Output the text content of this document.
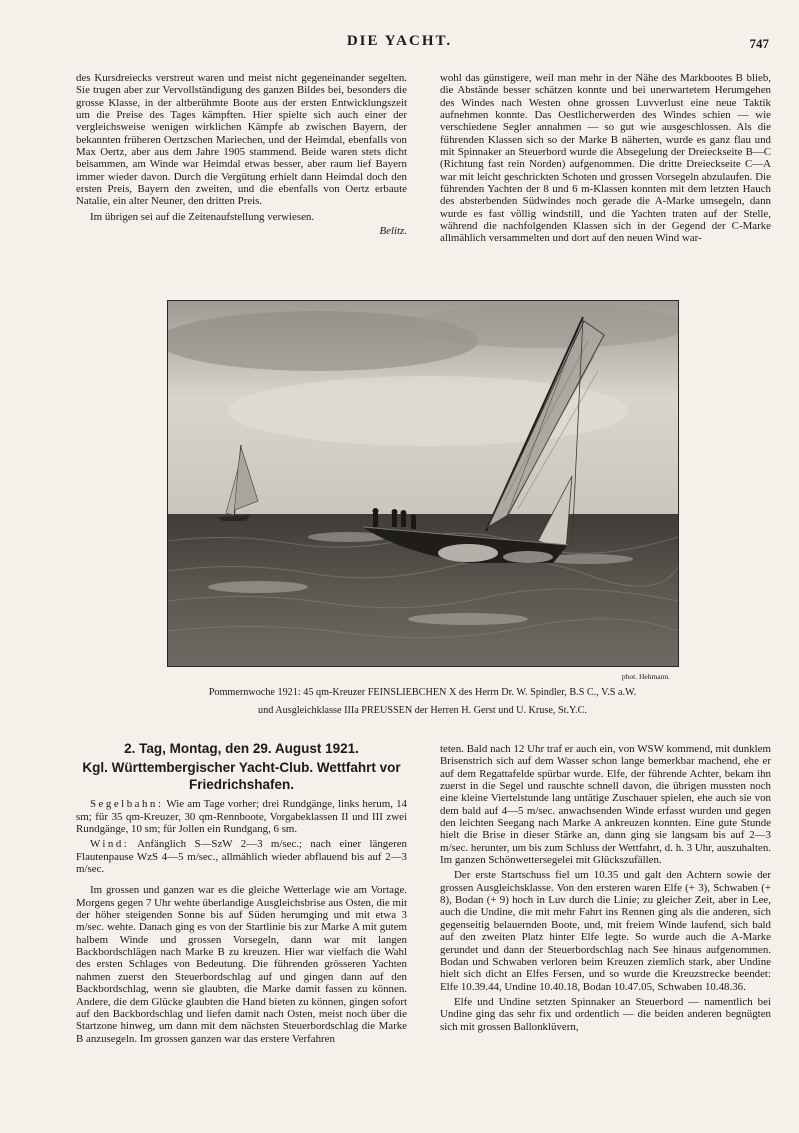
DIE YACHT.	747

des Kursdreiecks verstreut waren und meist nicht gegeneinander segelten. Sie trugen aber zur Vervollständigung des ganzen Bildes bei, besonders die grosse Klasse, in der altberühmte Boote aus der ersten Entwicklungszeit um die Preise des Tages kämpften. Hier spielte sich auch einer der vergleichsweise wenigen wirklichen Kämpfe ab zwischen Bayern, der bekannten früheren Oertzschen Mariechen, und der Heimdal, ebenfalls von Max Oertz, aber aus dem Jahre 1905 stammend. Beide waren stets dicht beisammen, am Winde war Heimdal etwas besser, aber raum lief Bayern immer wieder davon. Durch die Vergütung erhielt dann Heimdal doch den ersten Preis, Bayern den zweiten, und die ebenfalls von Oertz erbaute Natalie, ein alter Neuner, den dritten Preis.

Im übrigen sei auf die Zeitenaufstellung verwiesen.

Belitz.

wohl das günstigere, weil man mehr in der Nähe des Markbootes B blieb, die Abstände besser schätzen konnte und bei unerwartetem Herumgehen des Windes nach Westen ohne grossen Luvverlust eine neue Taktik aufnehmen konnte. Das Oestlicherwerden des Windes schien — wie verschiedene Segler annahmen — so gut wie ausgeschlossen. Als die führenden Klassen sich so der Marke B näherten, wurde es ganz flau und mit Spinnaker an Steuerbord wurde die Absegelung der Dreieckseite B—C (Richtung fast rein Norden) aufgenommen. Die dritte Dreieckseite C—A war mit leicht geschrickten Schoten und grossen Vorsegeln abzulaufen. Die führenden Yachten der 8 und 6 m-Klassen konnten mit dem letzten Hauch des absterbenden Südwindes noch gerade die A-Marke umsegeln, dann wurde es fast völlig windstill, und die Yachten traten auf der Stelle, während die nachfolgenden Klassen sich in der Gegend der C-Marke allmählich versammelten und dort auf den neuen Wind war-

phot. Hehmann.
Pommernwoche 1921: 45 qm-Kreuzer FEINSLIEBCHEN X des Herrn Dr. W. Spindler, B.S C., V.S a.W.
und Ausgleichklasse IIIa PREUSSEN der Herren H. Gerst und U. Kruse, St.Y.C.

2. Tag, Montag, den 29. August 1921.

Kgl. Württembergischer Yacht-Club. Wettfahrt vor Friedrichshafen.

Segelbahn: Wie am Tage vorher; drei Rundgänge, links herum, 14 sm; für 35 qm-Kreuzer, 30 qm-Rennboote, Vorgabeklassen II und III zwei Rundgänge, 10 sm; für Jollen ein Rundgang, 6 sm.

Wind: Anfänglich S—SzW 2—3 m/sec.; nach einer längeren Flautenpause WzS 4—5 m/sec., allmählich wieder abflauend bis auf 2—3 m/sec.

Im grossen und ganzen war es die gleiche Wetterlage wie am Vortage. Morgens gegen 7 Uhr wehte überlandige Ausgleichsbrise aus Osten, die mit der höher steigenden Sonne bis auf Süden herumging und mit etwa 3 m/sec. wehte. Danach ging es von der Startlinie bis zur Marke A mit gutem halbem Winde und grossen Vorsegeln, dann war mit langen Backbordschlägen nach Marke B zu kreuzen. Hier war vielfach die Wahl des ersten Schlages von Bedeutung. Die führenden grösseren Yachten nahmen zuerst den Steuerbordschlag auf und gingen dann auf den Backbordschlag, wenn sie glaubten, die Marke damit fassen zu können. Andere, die dem Glücke glaubten die Hand bieten zu können, gingen sofort auf den Backbordschlag und liefen damit nach Osten, meist noch über die Startzone hinweg, um dann mit dem nächsten Steuerbordschlag die Marke B anzusegeln. Im grossen ganzen war das erstere Verfahren

teten. Bald nach 12 Uhr traf er auch ein, von WSW kommend, mit dunklem Brisenstrich sich auf dem Wasser schon lange bemerkbar machend, ehe er auf dem Regattafelde spürbar wurde. Elfe, der führende Achter, bekam ihn zuerst in die Segel und rauschte schnell davon, die übrigen mussten noch eine kleine Viertelstunde lang untätige Zuschauer spielen, ehe auch sie von dem bald auf 4—5 m/sec. anwachsenden Winde erfasst wurden und gegen den leichten Seegang nach Marke A ankreuzen konnten. Eine gute Stunde hielt die Brise in dieser Stärke an, dann ging sie langsam bis auf 2—3 m/sec. herunter, um bis zum Schluss der Wettfahrt, d. h. 3 Uhr, auszuhalten. Im ganzen Schönwettersegelei mit Glückszufällen.

Der erste Startschuss fiel um 10.35 und galt den Achtern sowie der grossen Ausgleichsklasse. Von den ersteren waren Elfe (+ 3), Schwaben (+ 8), Bodan (+ 9) hoch in Luv durch die Linie; zu gleicher Zeit, aber in Lee, auch die Undine, die mit mehr Fahrt ins Rennen ging als die anderen, sich gegenseitig belauernden Boote, und, mit freiem Winde laufend, sich bald auf den zweiten Platz hinter Elfe legte. So wurde auch die A-Marke gerundet und dann der Steuerbordschlag nach See hinaus aufgenommen. Bodan und Schwaben verloren beim Kreuzen ziemlich stark, aber Undine hielt sich dicht an Elfes Fersen, und so wurde die Kreuzstrecke beendet: Elfe 10.39.44, Undine 10.40.18, Bodan 10.47.05, Schwaben 10.48.36.

Elfe und Undine setzten Spinnaker an Steuerbord — namentlich bei Undine ging das sehr fix und ordentlich — die beiden anderen begnügten sich mit grossen Ballonklüvern,
